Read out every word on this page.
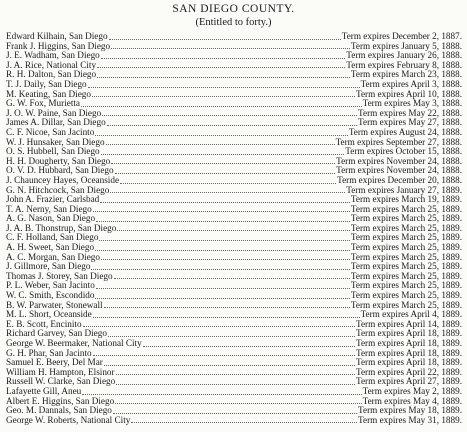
SAN DIEGO COUNTY.
(Entitled to forty.)
Edward Kilhain, San Diego	Term expires December 2, 1887.
Frank J. Higgins, San Diego	Term expires January 5, 1888.
J. E. Wadham, San Diego	Term expires January 26, 1888.
J. A. Rice, National City	Term expires February 8, 1888.
R. H. Dalton, San Diego	Term expires March 23, 1888.
T. J. Daily, San Diego	Term expires April 3, 1888.
M. Keating, San Diego	Term expires April 10, 1888.
G. W. Fox, Murietta	Term expires May 3, 1888.
J. O. W. Paine, San Diego	Term expires May 22, 1888.
James A. Dillar, San Diego	Term expires May 27, 1888.
C. F. Nicoe, San Jacinto	Term expires August 24, 1888.
W. J. Hunsaker, San Diego	Term expires September 27, 1888.
O. S. Hubbell, San Diego	Term expires October 15, 1888.
H. H. Dougherty, San Diego	Term expires November 24, 1888.
O. V. D. Hubbard, San Diego	Term expires November 24, 1888.
J. Chauncey Hayes, Oceanside	Term expires December 20, 1888.
G. N. Hitchcock, San Diego	Term expires January 27, 1889.
John A. Frazier, Carlsbad	Term expires March 19, 1889.
T. A. Nerny, San Diego	Term expires March 25, 1889.
A. G. Nason, San Diego	Term expires March 25, 1889.
J. A. B. Thonstrup, San Diego	Term expires March 25, 1889.
C. F. Holland, San Diego	Term expires March 25, 1889.
A. H. Sweet, San Diego	Term expires March 25, 1889.
A. C. Morgan, San Diego	Term expires March 25, 1889.
J. Gillmore, San Diego	Term expires March 25, 1889.
Thomas J. Storey, San Diego	Term expires March 25, 1889.
P. L. Weber, San Jacinto	Term expires March 25, 1889.
W. C. Smith, Escondido	Term expires March 25, 1889.
B. W. Parwater, Stonewall	Term expires March 25, 1889.
M. L. Short, Oceanside	Term expires April 4, 1889.
E. B. Scott, Encinito	Term expires April 14, 1889.
Richard Garvey, San Diego	Term expires April 18, 1889.
George W. Beermaker, National City	Term expires April 18, 1889.
G. H. Phar, San Jacinto	Term expires April 18, 1889.
Samuel E. Beery, Del Mar	Term expires April 18, 1889.
William H. Hampton, Elsinor	Term expires April 22, 1889.
Russell W. Clarke, San Diego	Term expires April 27, 1889.
Lafayette Gill, Aneu	Term expires May 2, 1889.
Albert E. Higgins, San Diego	Term expires May 4, 1889.
Geo. M. Dannals, San Diego	Term expires May 18, 1889.
George W. Roberts, National City	Term expires May 31, 1889.
